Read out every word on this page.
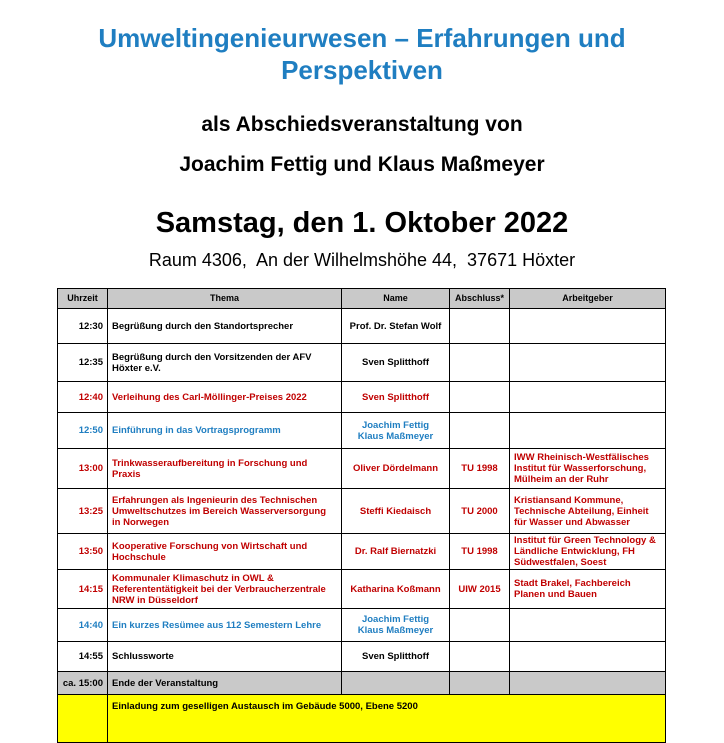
Umweltingenieurwesen – Erfahrungen und
Perspektiven
als Abschiedsveranstaltung von
Joachim Fettig und Klaus Maßmeyer
Samstag, den 1. Oktober 2022
Raum 4306,  An der Wilhelmshöhe 44,  37671 Höxter
Uhrzeit	Thema	Name	Abschluss*	Arbeitgeber
12:30	Begrüßung durch den Standortsprecher	Prof. Dr. Stefan Wolf		
12:35	Begrüßung durch den Vorsitzenden der AFV Höxter e.V.	Sven Splitthoff		
12:40	Verleihung des Carl-Möllinger-Preises 2022	Sven Splitthoff		
12:50	Einführung in das Vortragsprogramm	Joachim Fettig
Klaus Maßmeyer		

13:00	Trinkwasseraufbereitung in Forschung und Praxis	Oliver Dördelmann	TU 1998	IWW Rheinisch-Westfälisches Institut für Wasserforschung, Mülheim an der Ruhr
13:25	Erfahrungen als Ingenieurin des Technischen Umweltschutzes im Bereich Wasserversorgung in Norwegen	Steffi Kiedaisch	TU 2000	Kristiansand Kommune, Technische Abteilung, Einheit für Wasser und Abwasser
13:50	Kooperative Forschung von Wirtschaft und Hochschule	Dr. Ralf Biernatzki	TU 1998	Institut für Green Technology & Ländliche Entwicklung, FH Südwestfalen, Soest
14:15	Kommunaler Klimaschutz in OWL & Referententätigkeit bei der Verbraucherzentrale NRW in Düsseldorf	Katharina Koßmann	UIW 2015	Stadt Brakel, Fachbereich Planen und Bauen
14:40	Ein kurzes Resümee aus 112 Semestern Lehre	Joachim Fettig
Klaus Maßmeyer		

14:55	Schlussworte	Sven Splitthoff		
ca. 15:00	Ende der Veranstaltung			
	Einladung zum geselligen Austausch im Gebäude 5000, Ebene 5200			
